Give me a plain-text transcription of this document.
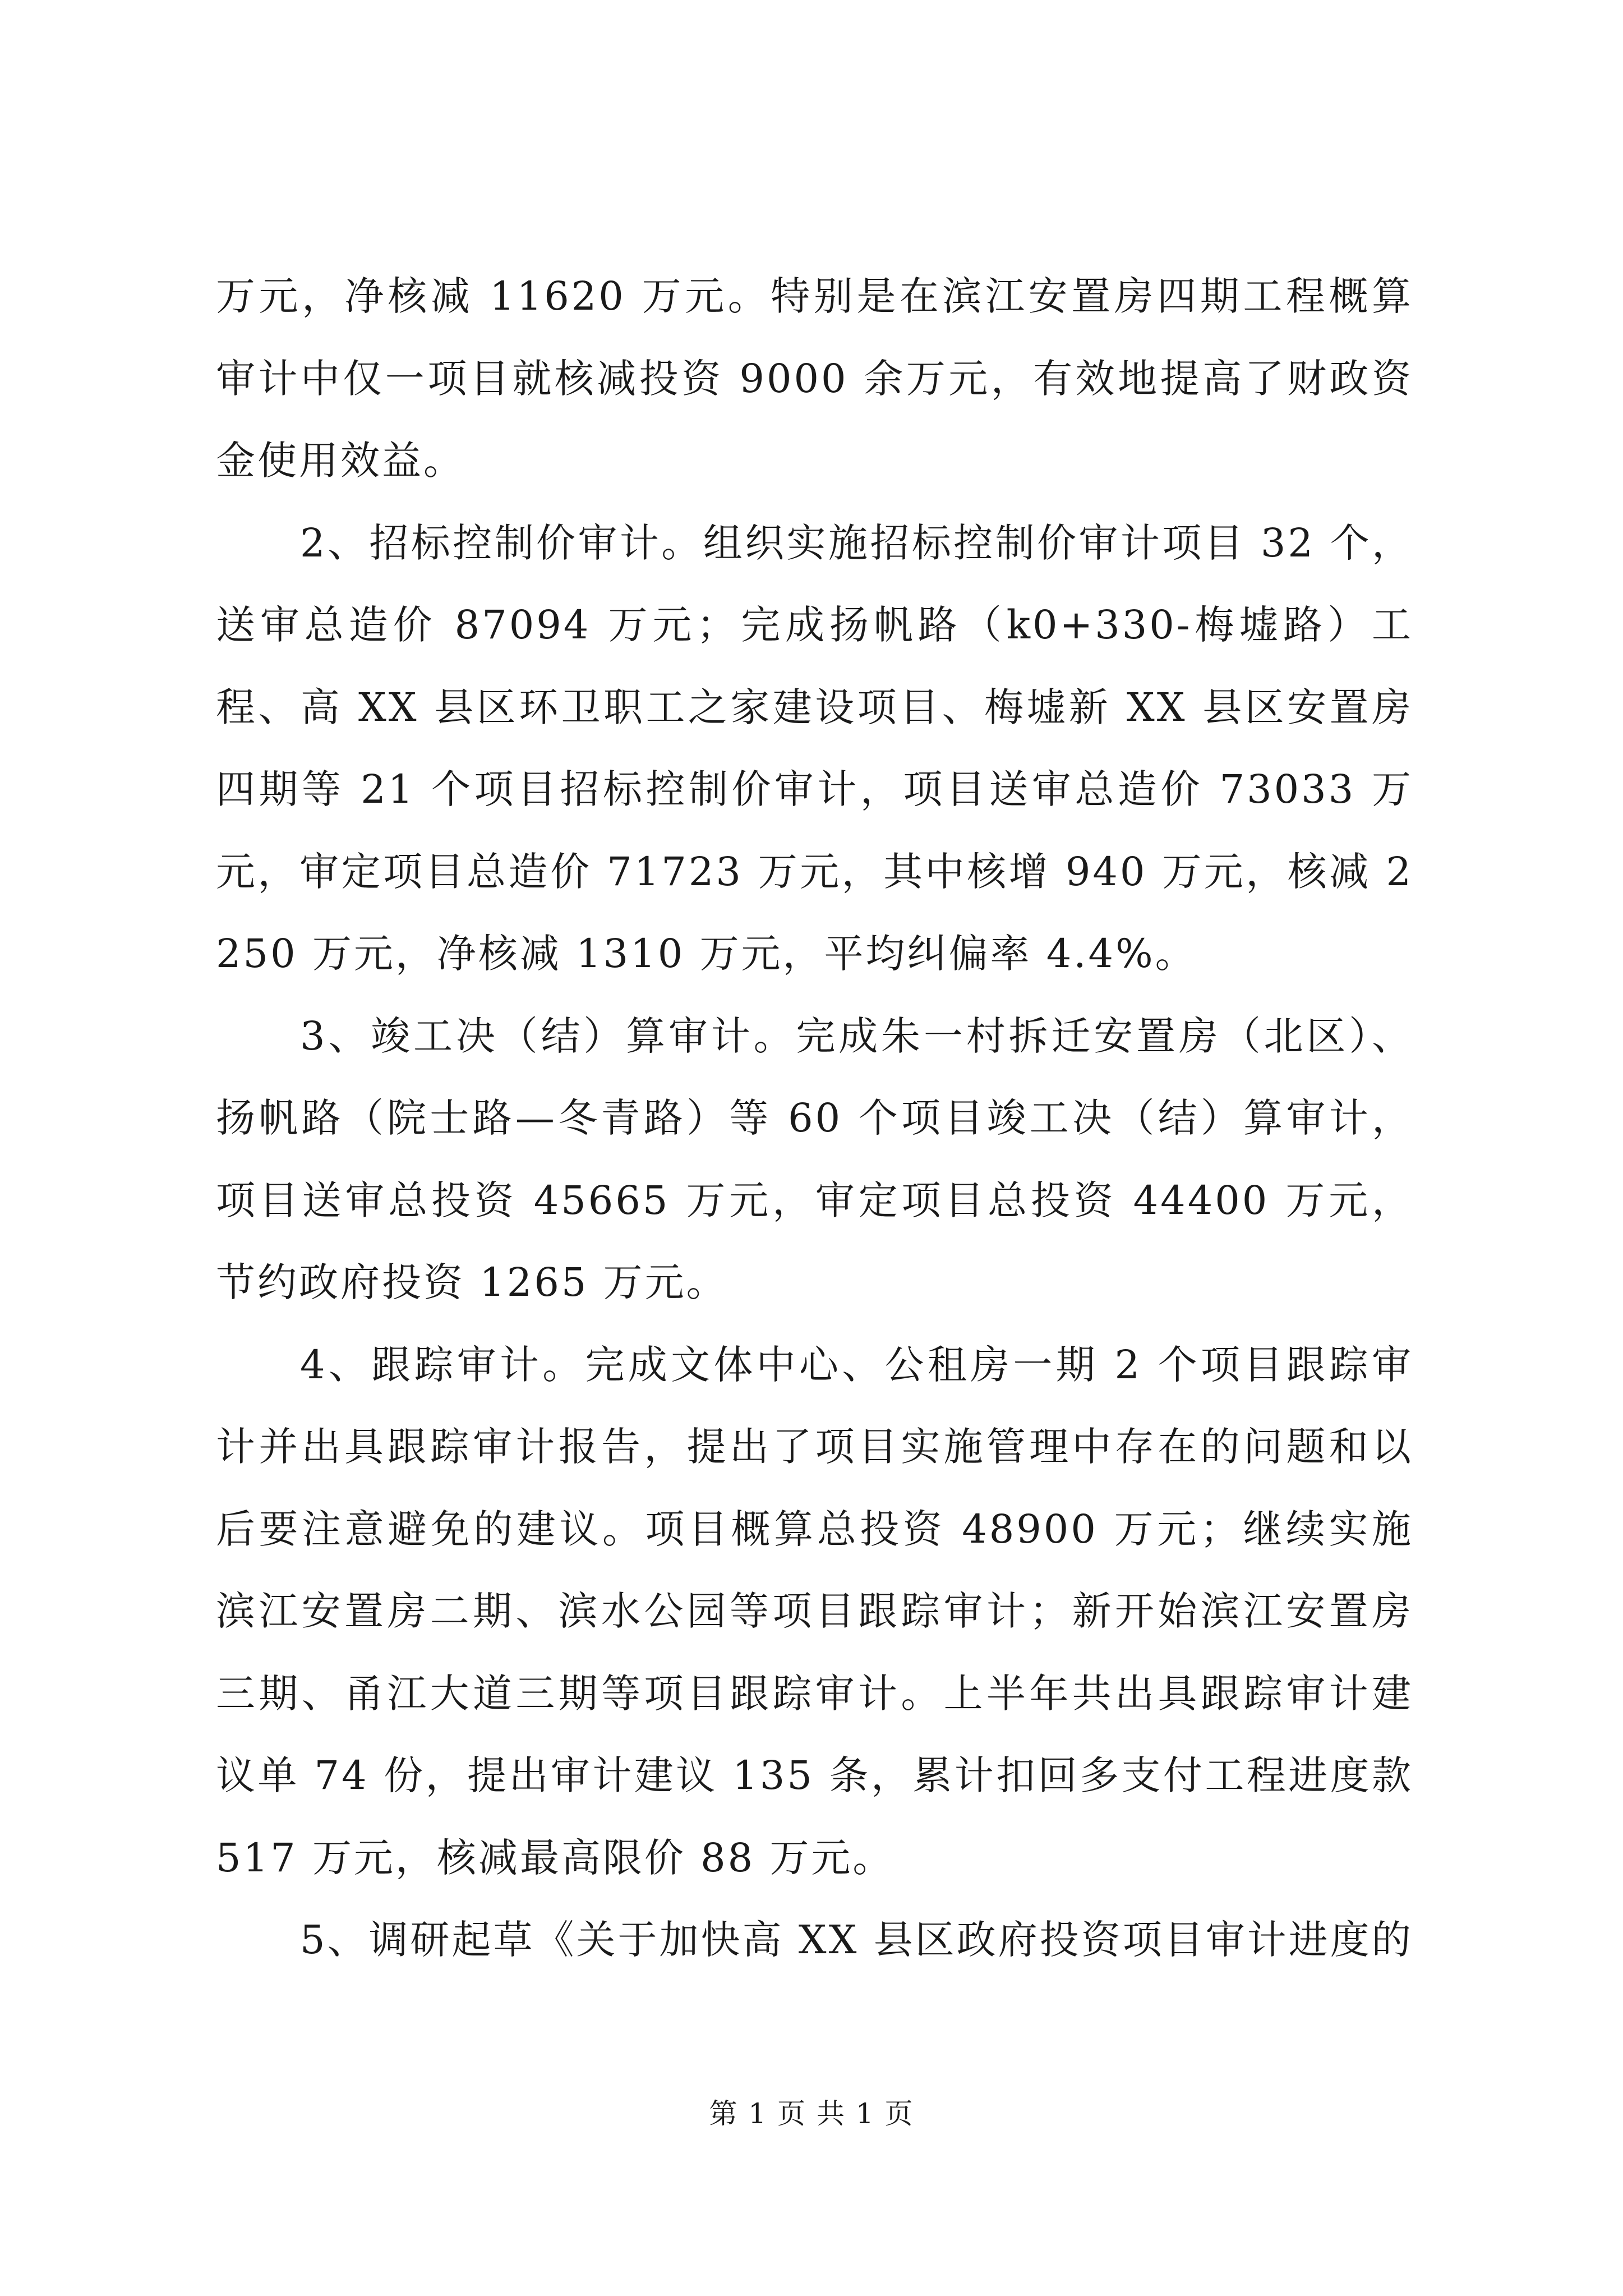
万元，净核减 11620 万元。特别是在滨江安置房四期工程概算审计中仅一项目就核减投资 9000 余万元，有效地提高了财政资金使用效益。

2、招标控制价审计。组织实施招标控制价审计项目 32 个，送审总造价 87094 万元；完成扬帆路（k0+330-梅墟路）工程、高 XX 县区环卫职工之家建设项目、梅墟新 XX 县区安置房四期等 21 个项目招标控制价审计，项目送审总造价 73033 万元，审定项目总造价 71723 万元，其中核增 940 万元，核减 2250 万元，净核减 1310 万元，平均纠偏率 4.4%。

3、竣工决（结）算审计。完成朱一村拆迁安置房（北区）、扬帆路（院士路—冬青路）等 60 个项目竣工决（结）算审计，项目送审总投资 45665 万元，审定项目总投资 44400 万元，节约政府投资 1265 万元。

4、跟踪审计。完成文体中心、公租房一期 2 个项目跟踪审计并出具跟踪审计报告，提出了项目实施管理中存在的问题和以后要注意避免的建议。项目概算总投资 48900 万元；继续实施滨江安置房二期、滨水公园等项目跟踪审计；新开始滨江安置房三期、甬江大道三期等项目跟踪审计。上半年共出具跟踪审计建议单 74 份，提出审计建议 135 条，累计扣回多支付工程进度款 517 万元，核减最高限价 88 万元。

5、调研起草《关于加快高 XX 县区政府投资项目审计进度的

第 1 页 共 1 页
